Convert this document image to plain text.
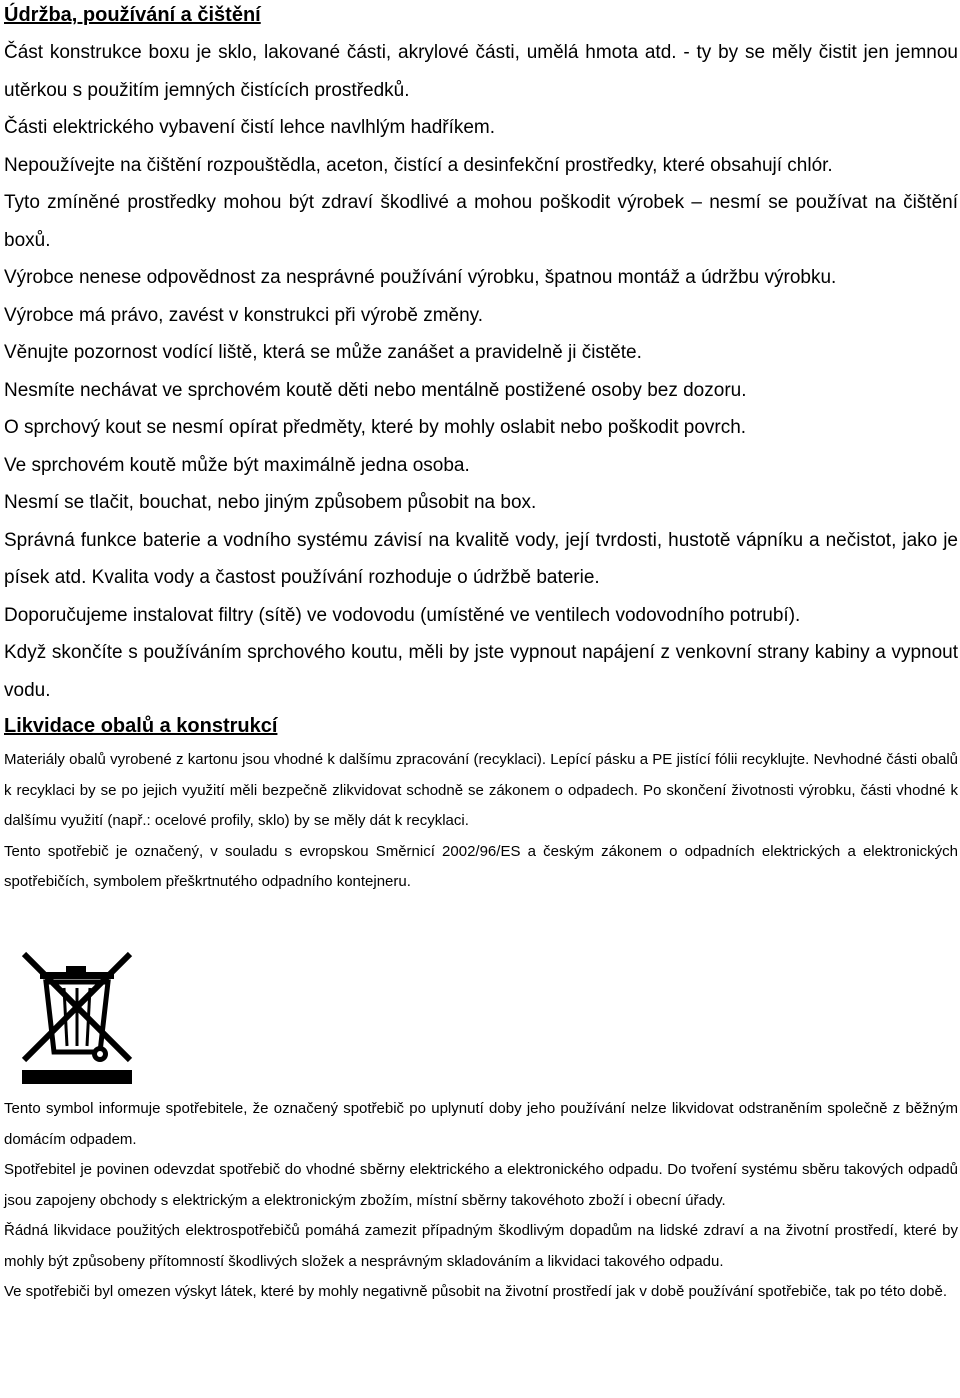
Údržba, používání a čištění

Část konstrukce boxu je sklo, lakované části, akrylové části, umělá hmota atd. - ty by se měly čistit jen jemnou utěrkou s použitím jemných čistících prostředků.

Části elektrického vybavení čistí lehce navlhlým hadříkem.

Nepoužívejte na čištění rozpouštědla, aceton, čistící a desinfekční prostředky, které obsahují chlór.

Tyto zmíněné prostředky mohou být zdraví škodlivé a mohou poškodit výrobek – nesmí se používat na čištění boxů.

Výrobce nenese odpovědnost za nesprávné používání výrobku, špatnou montáž a údržbu výrobku.

Výrobce má právo, zavést v konstrukci při výrobě změny.

Věnujte pozornost vodící liště, která se může zanášet a pravidelně ji čistěte.

Nesmíte nechávat ve sprchovém koutě děti nebo mentálně postižené osoby bez dozoru.

O sprchový kout se nesmí opírat předměty, které by mohly oslabit nebo poškodit povrch.

Ve sprchovém koutě může být maximálně jedna osoba.

Nesmí se tlačit, bouchat, nebo jiným způsobem působit na box.

Správná funkce baterie a vodního systému závisí na kvalitě vody, její tvrdosti, hustotě vápníku a nečistot, jako je písek atd. Kvalita vody a častost používání rozhoduje o údržbě baterie.

Doporučujeme instalovat filtry (sítě) ve vodovodu (umístěné ve ventilech vodovodního potrubí).

Když skončíte s používáním sprchového koutu, měli by jste vypnout napájení z venkovní strany kabiny a vypnout vodu.

Likvidace obalů a konstrukcí

Materiály obalů vyrobené z kartonu jsou vhodné k dalšímu zpracování (recyklaci). Lepící pásku a PE jistící fólii recyklujte. Nevhodné části obalů k recyklaci by se po jejich využití měli bezpečně zlikvidovat schodně se zákonem o odpadech. Po skončení životnosti výrobku, části vhodné k dalšímu využití (např.: ocelové profily, sklo) by se měly dát k recyklaci.

Tento spotřebič je označený, v souladu s evropskou Směrnicí 2002/96/ES a českým zákonem o odpadních elektrických a elektronických spotřebičích, symbolem přeškrtnutého odpadního kontejneru.

Tento symbol informuje spotřebitele, že označený spotřebič po uplynutí doby jeho používání nelze likvidovat odstraněním společně z běžným domácím odpadem.

Spotřebitel je povinen odevzdat spotřebič do vhodné sběrny elektrického a elektronického odpadu. Do tvoření systému sběru takových odpadů jsou zapojeny obchody s elektrickým a elektronickým zbožím, místní sběrny takovéhoto zboží i obecní úřady.

Řádná likvidace použitých elektrospotřebičů pomáhá zamezit případným škodlivým dopadům na lidské zdraví a na životní prostředí, které by mohly být způsobeny přítomností škodlivých složek a nesprávným skladováním a likvidaci takového odpadu.

Ve spotřebiči byl omezen výskyt látek, které by mohly negativně působit na životní prostředí jak v době používání spotřebiče, tak po této době.
